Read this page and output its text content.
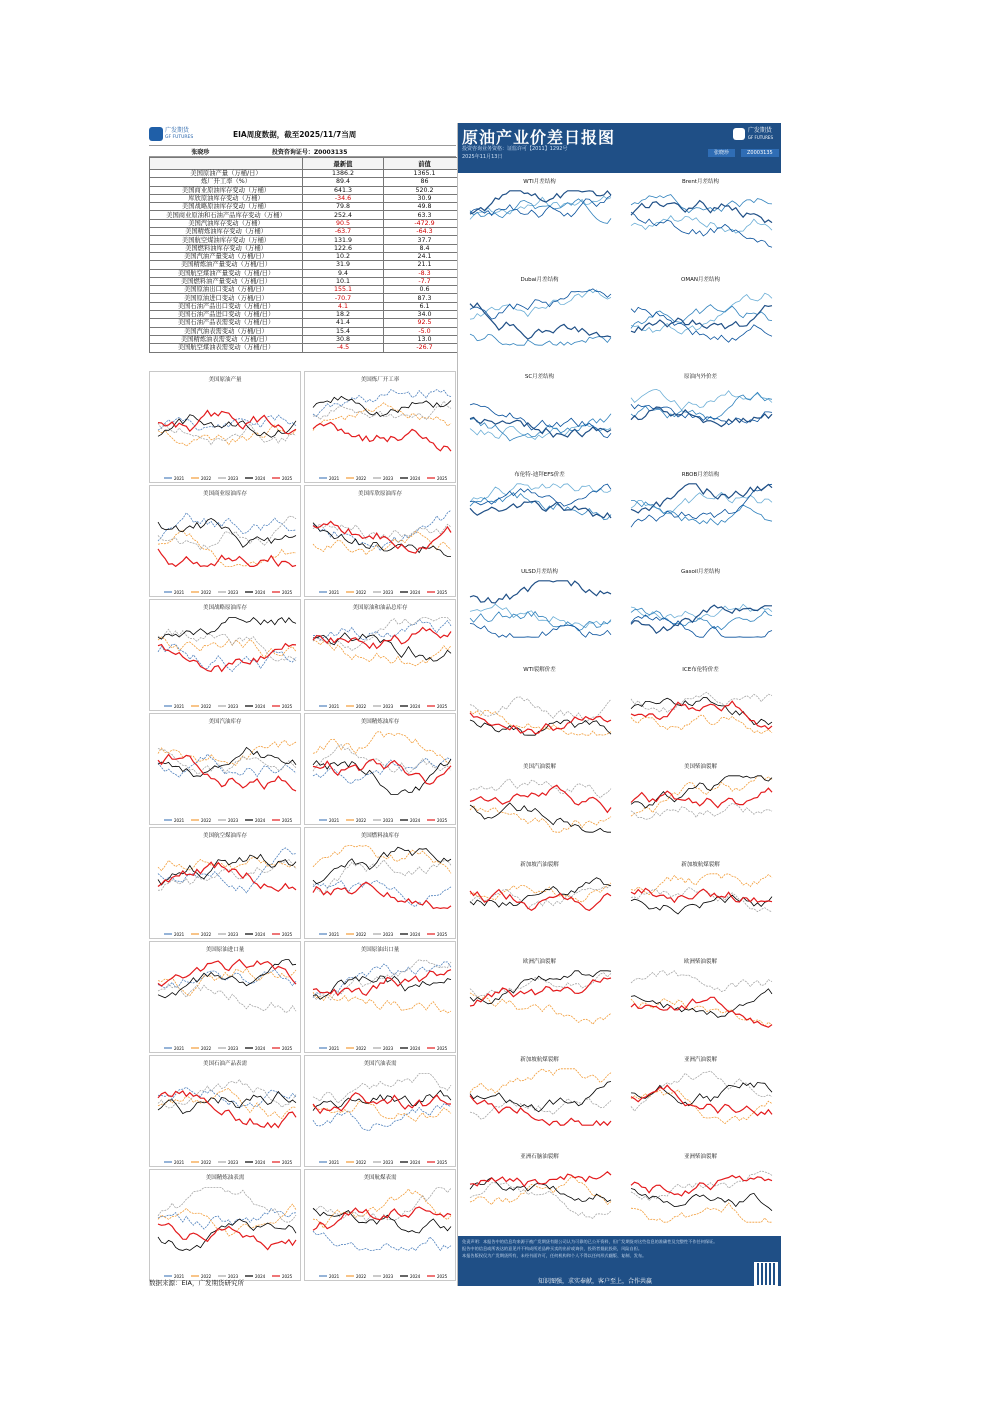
广发期货
GF FUTURES	EIA周度数据，截至2025/11/7当周
张晓珍	投资咨询证号：Z0003135
	最新值	前值
美国原油产量（万桶/日）	1386.2	1365.1
炼厂开工率（%）	89.4	86
美国商业原油库存变动（万桶）	641.3	520.2
库欣原油库存变动（万桶）	-34.6	30.9
美国战略原油库存变动（万桶）	79.8	49.8
美国商业原油和石油产品库存变动（万桶）	252.4	63.3
美国汽油库存变动（万桶）	90.5	-472.9
美国精炼油库存变动（万桶）	-63.7	-64.3
美国航空煤油库存变动（万桶）	131.9	37.7
美国燃料油库存变动（万桶）	122.6	8.4
美国汽油产量变动（万桶/日）	10.2	24.1
美国精炼油产量变动（万桶/日）	31.9	21.1
美国航空煤油产量变动（万桶/日）	9.4	-8.3
美国燃料油产量变动（万桶/日）	10.1	-7.7
美国原油出口变动（万桶/日）	155.1	0.6
美国原油进口变动（万桶/日）	-70.7	87.3
美国石油产品出口变动（万桶/日）	4.1	6.1
美国石油产品进口变动（万桶/日）	18.2	34.0
美国石油产品表需变动（万桶/日）	41.4	92.5
美国汽油表需变动（万桶/日）	15.4	-5.0
美国精炼油表需变动（万桶/日）	30.8	13.0
美国航空煤油表需变动（万桶/日）	-4.5	-26.7
2021	2022	2023	2024	2025
美国原油产量
2021	2022	2023	2024	2025
美国炼厂开工率
2021	2022	2023	2024	2025
美国商业原油库存
2021	2022	2023	2024	2025
美国库欣原油库存
2021	2022	2023	2024	2025
美国战略原油库存
2021	2022	2023	2024	2025
美国原油和油品总库存
2021	2022	2023	2024	2025
美国汽油库存
2021	2022	2023	2024	2025
美国精炼油库存
2021	2022	2023	2024	2025
美国航空煤油库存
2021	2022	2023	2024	2025
美国燃料油库存
2021	2022	2023	2024	2025
美国原油进口量
2021	2022	2023	2024	2025
美国原油出口量
2021	2022	2023	2024	2025
美国石油产品表需
2021	2022	2023	2024	2025
美国汽油表需
2021	2022	2023	2024	2025
美国精炼油表需
2021	2022	2023	2024	2025
美国航煤表需
数据来源：EIA，广发期货研究所
原油产业价差日报图
投资咨询业务资格：证监许可【2011】1292号
2025年11月13日
广发期货
GF FUTURES
张晓珍	Z0003135
WTI月差结构	Brent月差结构
Dubai月差结构	OMAN月差结构
SC月差结构	原油内外价差
布伦特-迪拜EFS价差	RBOB月差结构
ULSD月差结构	Gasoil月差结构
WTI裂解价差	ICE布伦特价差
美国汽油裂解	美国柴油裂解
新加坡汽油裂解	新加坡航煤裂解
欧洲汽油裂解	欧洲柴油裂解
新加坡航煤裂解	亚洲汽油裂解
亚洲石脑油裂解	亚洲柴油裂解
免责声明：本报告中的信息均来源于被广发期货有限公司认为可靠的已公开资料，但广发期货对这些信息的准确性及完整性不作任何保证。
报告中的信息或所表达的意见并不构成所述品种买卖的出价或询价，投资者据此投资，风险自担。
本报告版权仅为广发期货所有，未经书面许可，任何机构和个人不得以任何形式翻版、复制、发布。
知识图强，求实奉献，客户至上，合作共赢
